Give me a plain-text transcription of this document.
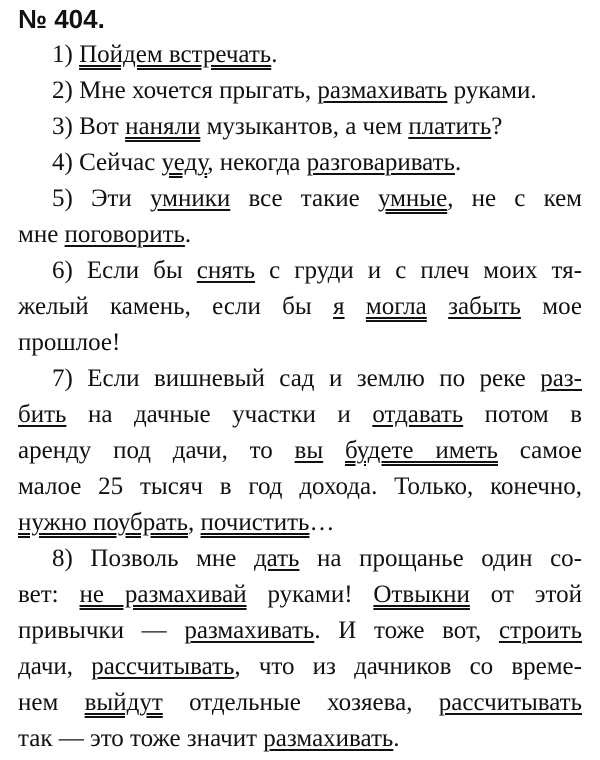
№ 404.
1) Пойдем встречать.
2) Мне хочется прыгать, размахивать руками.
3) Вот наняли музыкантов, а чем платить?
4) Сейчас уеду, некогда разговаривать.
5) Эти умники все такие умные, не с кем
мне поговорить.
6) Если бы снять с груди и с плеч моих тя-
желый камень, если бы я могла забыть мое
прошлое!
7) Если вишневый сад и землю по реке раз-
бить на дачные участки и отдавать потом в
аренду под дачи, то вы будете иметь самое
малое 25 тысяч в год дохода. Только, конечно,
нужно поубрать, почистить…
8) Позволь мне дать на прощанье один со-
вет: не размахивай руками! Отвыкни от этой
привычки — размахивать. И тоже вот, строить
дачи, рассчитывать, что из дачников со време-
нем выйдут отдельные хозяева, рассчитывать
так — это тоже значит размахивать.
